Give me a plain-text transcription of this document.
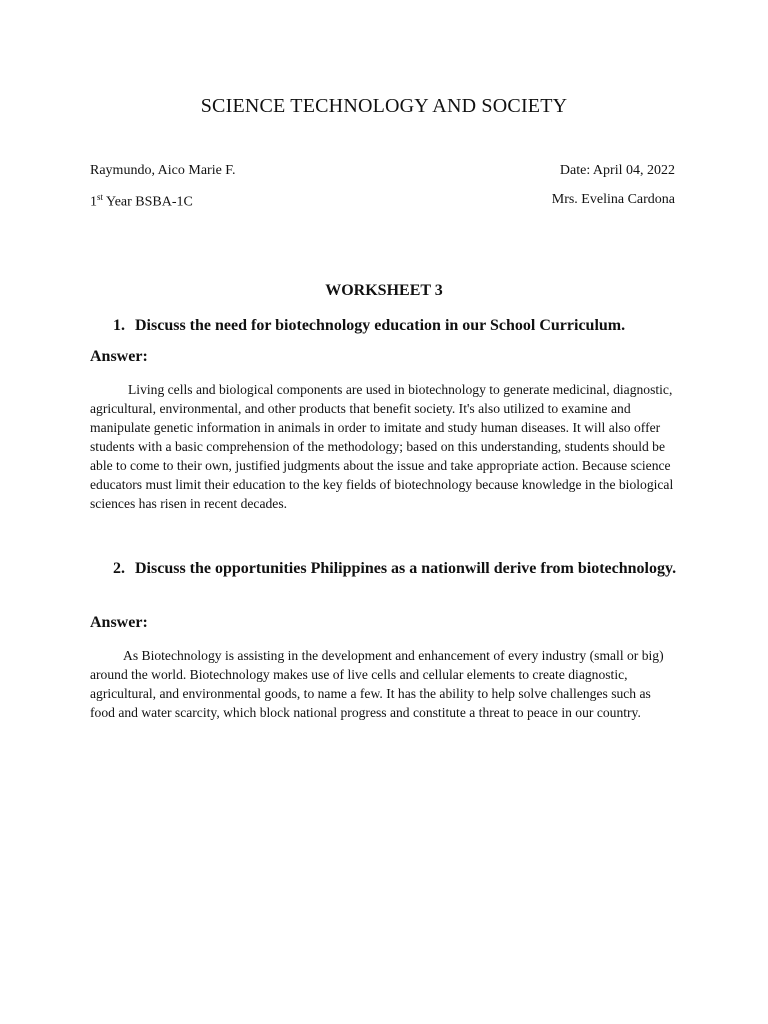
SCIENCE TECHNOLOGY AND SOCIETY
Raymundo, Aico Marie F.	Date: April 04, 2022
1st Year BSBA-1C	Mrs. Evelina Cardona
WORKSHEET 3
1. Discuss the need for biotechnology education in our School Curriculum.
Answer:

Living cells and biological components are used in biotechnology to generate medicinal, diagnostic, agricultural, environmental, and other products that benefit society. It's also utilized to examine and manipulate genetic information in animals in order to imitate and study human diseases. It will also offer students with a basic comprehension of the methodology; based on this understanding, students should be able to come to their own, justified judgments about the issue and take appropriate action. Because science educators must limit their education to the key fields of biotechnology because knowledge in the biological sciences has risen in recent decades.

2. Discuss the opportunities Philippines as a nationwill derive from biotechnology.
Answer:

As Biotechnology is assisting in the development and enhancement of every industry (small or big) around the world. Biotechnology makes use of live cells and cellular elements to create diagnostic, agricultural, and environmental goods, to name a few. It has the ability to help solve challenges such as food and water scarcity, which block national progress and constitute a threat to peace in our country.
